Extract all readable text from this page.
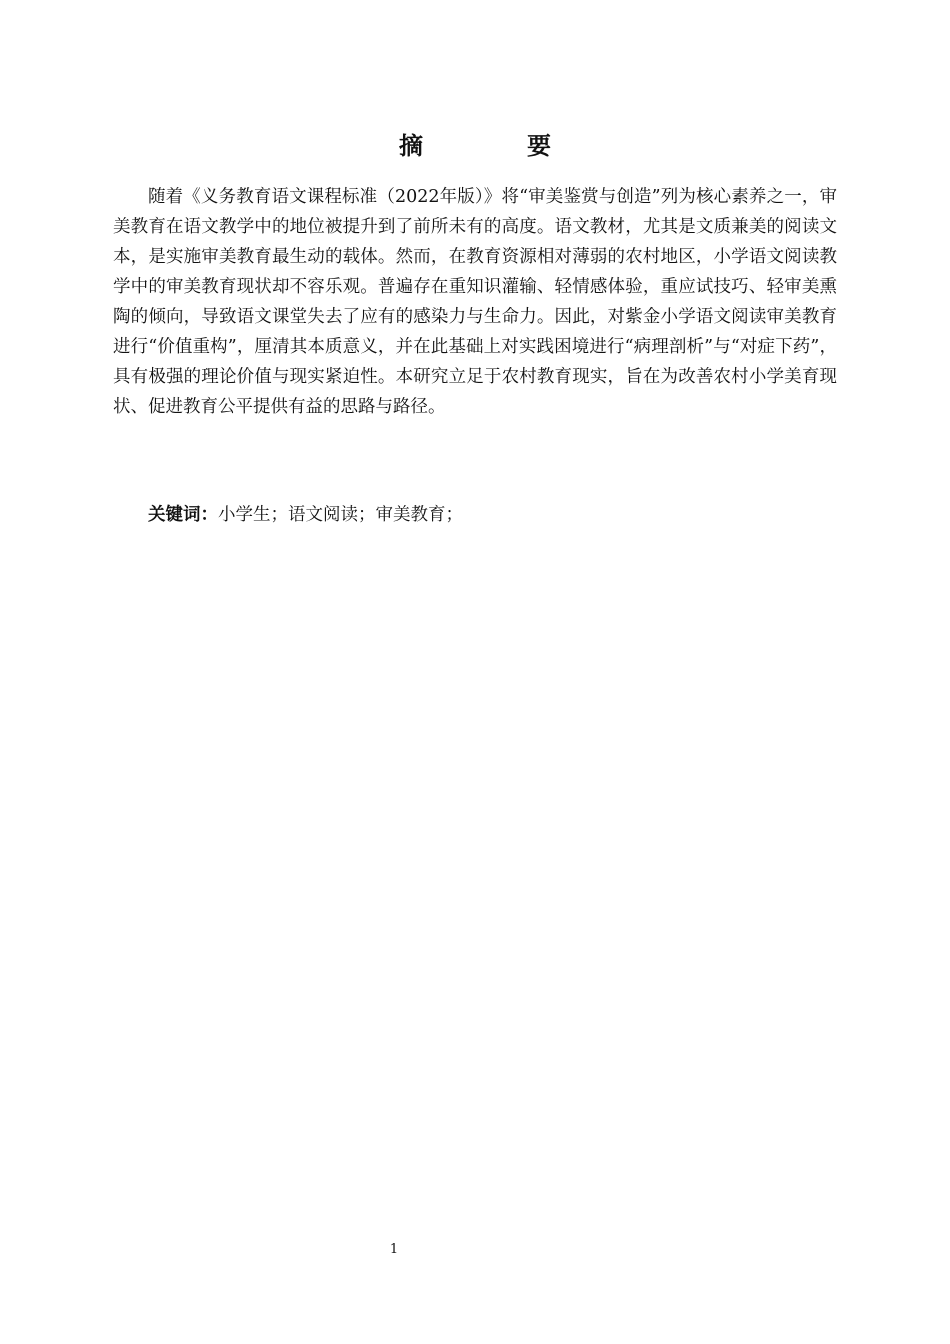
摘　要

随着《义务教育语文课程标准（2022年版）》将“审美鉴赏与创造”列为核心素养之一，审美教育在语文教学中的地位被提升到了前所未有的高度。语文教材，尤其是文质兼美的阅读文本，是实施审美教育最生动的载体。然而，在教育资源相对薄弱的农村地区，小学语文阅读教学中的审美教育现状却不容乐观。普遍存在重知识灌输、轻情感体验，重应试技巧、轻审美熏陶的倾向，导致语文课堂失去了应有的感染力与生命力。因此，对紫金小学语文阅读审美教育进行“价值重构”，厘清其本质意义，并在此基础上对实践困境进行“病理剖析”与“对症下药”，具有极强的理论价值与现实紧迫性。本研究立足于农村教育现实，旨在为改善农村小学美育现状、促进教育公平提供有益的思路与路径。

关键词：小学生；语文阅读；审美教育；

1
